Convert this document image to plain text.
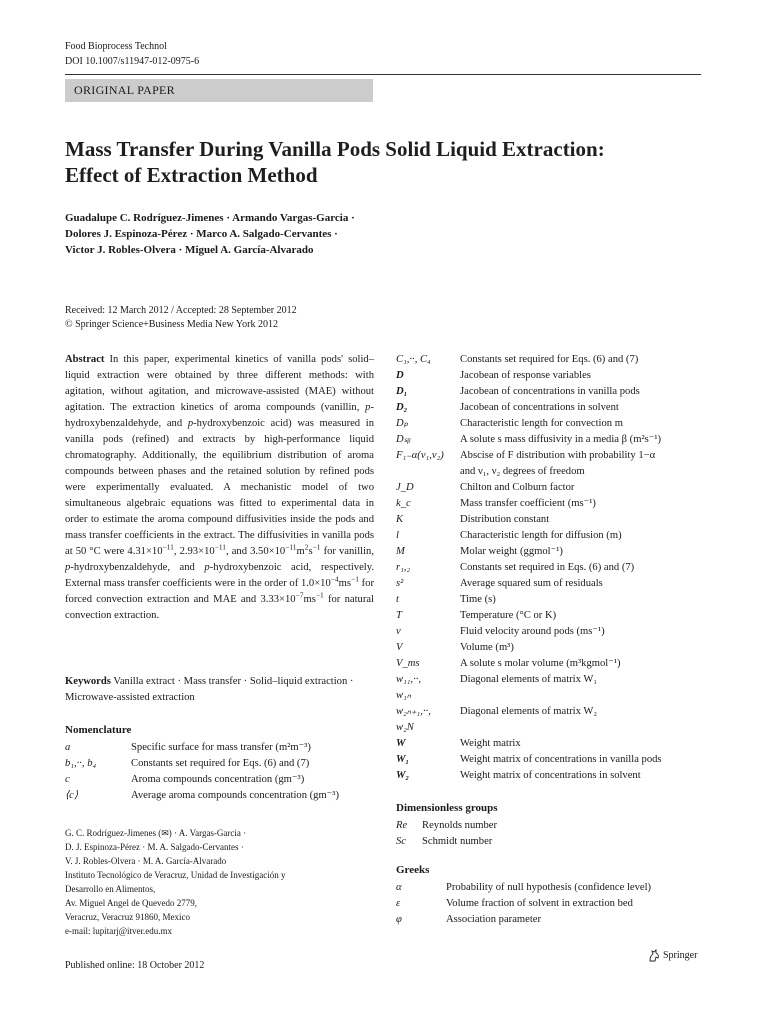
Food Bioprocess Technol
DOI 10.1007/s11947-012-0975-6
ORIGINAL PAPER
Mass Transfer During Vanilla Pods Solid Liquid Extraction:
Effect of Extraction Method
Guadalupe C. Rodríguez-Jimenes · Armando Vargas-Garcia ·
Dolores J. Espinoza-Pérez · Marco A. Salgado-Cervantes ·
Victor J. Robles-Olvera · Miguel A. García-Alvarado
Received: 12 March 2012 / Accepted: 28 September 2012
© Springer Science+Business Media New York 2012
Abstract In this paper, experimental kinetics of vanilla pods' solid–liquid extraction were obtained by three different methods: with agitation, without agitation, and microwave-assisted (MAE) without agitation. The extraction kinetics of aroma compounds (vanillin, p-hydroxybenzaldehyde, and p-hydroxybenzoic acid) was measured in vanilla pods (refined) and extracts by high-performance liquid chromatography. Additionally, the equilibrium distribution of aroma compounds between phases and the retained solution by refined pods were experimentally evaluated. A mechanistic model of two simultaneous algebraic equations was fitted to experimental data in order to estimate the aroma compound diffusivities inside the pods and mass transfer coefficients in the extract. The diffusivities in vanilla pods at 50 °C were $4.31\times 10^{-11}$, $2.93\times 10^{-11}$, and $3.50\times 10^{-11}m^2s^{-1}$ for vanillin, p-hydroxybenzaldehyde, and p-hydroxybenzoic acid, respectively. External mass transfer coefficients were in the order of $1.0\times 10^{-4}ms^{-1}$ for forced convection extraction and MAE and $3.33\times 10^{-7}ms^{-1}$ for natural convection extraction.
Keywords Vanilla extract · Mass transfer · Solid–liquid extraction · Microwave-assisted extraction
Nomenclature
a	Specific surface for mass transfer (m²m⁻³)
b₁,··, b₄	Constants set required for Eqs. (6) and (7)
c	Aroma compounds concentration (gm⁻³)
⟨c⟩	Average aroma compounds concentration (gm⁻³)
C₁,··, C₄	Constants set required for Eqs. (6) and (7)
D	Jacobean of response variables
D₁	Jacobean of concentrations in vanilla pods
D₂	Jacobean of concentrations in solvent
Dₚ	Characteristic length for convection m
Dₛᵦ	A solute s mass diffusivity in a media β (m²s⁻¹)
F₁₋α(ν₁,ν₂) Abscise of F distribution with probability 1−α
and ν₁, ν₂ degrees of freedom
J_D	Chilton and Colburn factor
k_c	Mass transfer coefficient (ms⁻¹)
K	Distribution constant
l	Characteristic length for diffusion (m)
M	Molar weight (ggmol⁻¹)
r₁,₂	Constants set required in Eqs. (6) and (7)
s²	Average squared sum of residuals
t	Time (s)
T	Temperature (°C or K)
v	Fluid velocity around pods (ms⁻¹)
V	Volume (m³)
V_ms	A solute s molar volume (m³kgmol⁻¹)
w₁₁,··,	Diagonal elements of matrix W₁
w₁ₙ
w₂ₙ₊₁,··,	Diagonal elements of matrix W₂
w₂N
W	Weight matrix
W₁	Weight matrix of concentrations in vanilla pods
W₂	Weight matrix of concentrations in solvent
Dimensionless groups
Re Reynolds number
Sc Schmidt number
Greeks
α	Probability of null hypothesis (confidence level)
ε	Volume fraction of solvent in extraction bed
φ	Association parameter
G. C. Rodríguez-Jimenes (✉) · A. Vargas-Garcia ·
D. J. Espinoza-Pérez · M. A. Salgado-Cervantes ·
V. J. Robles-Olvera · M. A. García-Alvarado
Instituto Tecnológico de Veracruz, Unidad de Investigación y
Desarrollo en Alimentos,
Av. Miguel Angel de Quevedo 2779,
Veracruz, Veracruz 91860, Mexico
e-mail: lupitarj@itver.edu.mx
Published online: 18 October 2012
Springer
